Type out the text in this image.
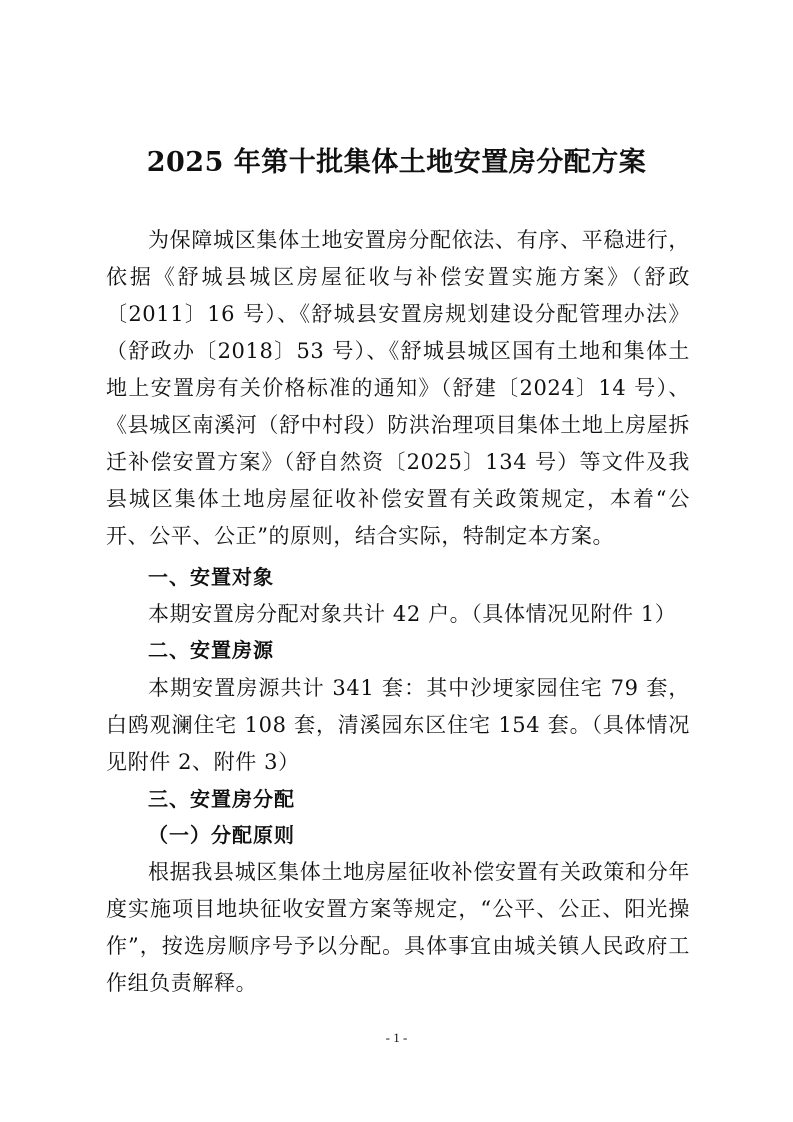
2025 年第十批集体土地安置房分配方案

为保障城区集体土地安置房分配依法、有序、平稳进行，依据《舒城县城区房屋征收与补偿安置实施方案》（舒政〔2011〕16 号）、《舒城县安置房规划建设分配管理办法》（舒政办〔2018〕53 号）、《舒城县城区国有土地和集体土地上安置房有关价格标准的通知》（舒建〔2024〕14 号）、《县城区南溪河（舒中村段）防洪治理项目集体土地上房屋拆迁补偿安置方案》（舒自然资〔2025〕134 号）等文件及我县城区集体土地房屋征收补偿安置有关政策规定，本着“公开、公平、公正”的原则，结合实际，特制定本方案。

一、安置对象

本期安置房分配对象共计 42 户。（具体情况见附件 1）

二、安置房源

本期安置房源共计 341 套：其中沙埂家园住宅 79 套，白鸥观澜住宅 108 套，清溪园东区住宅 154 套。（具体情况见附件 2、附件 3）

三、安置房分配
（一）分配原则

根据我县城区集体土地房屋征收补偿安置有关政策和分年度实施项目地块征收安置方案等规定，“公平、公正、阳光操作”，按选房顺序号予以分配。具体事宜由城关镇人民政府工作组负责解释。

- 1 -
